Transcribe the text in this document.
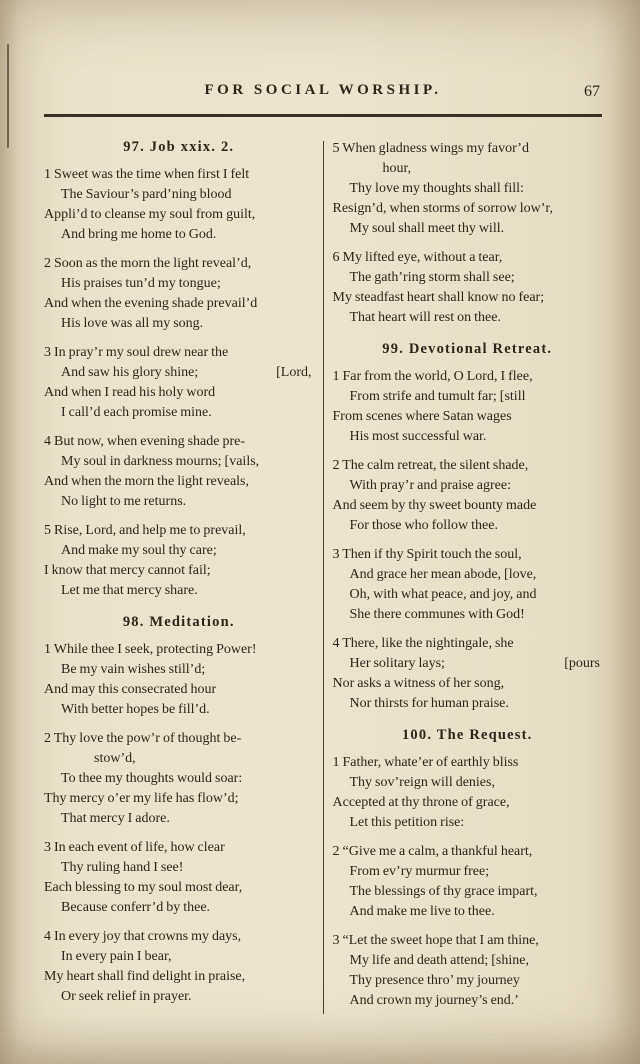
FOR SOCIAL WORSHIP.	67
97. Job xxix. 2.
1 Sweet was the time when first I felt
The Saviour’s pard’ning blood
Appli’d to cleanse my soul from guilt,
And bring me home to God.
2 Soon as the morn the light reveal’d,
His praises tun’d my tongue;
And when the evening shade prevail’d
His love was all my song.
3 In pray’r my soul drew near the
And saw his glory shine;	[Lord,
And when I read his holy word
I call’d each promise mine.
4 But now, when evening shade pre-
My soul in darkness mourns; [vails,
And when the morn the light reveals,
No light to me returns.
5 Rise, Lord, and help me to prevail,
And make my soul thy care;
I know that mercy cannot fail;
Let me that mercy share.
98. Meditation.
1 While thee I seek, protecting Power!
Be my vain wishes still’d;
And may this consecrated hour
With better hopes be fill’d.
2 Thy love the pow’r of thought be-
stow’d,
To thee my thoughts would soar:
Thy mercy o’er my life has flow’d;
That mercy I adore.
3 In each event of life, how clear
Thy ruling hand I see!
Each blessing to my soul most dear,
Because conferr’d by thee.
4 In every joy that crowns my days,
In every pain I bear,
My heart shall find delight in praise,
Or seek relief in prayer.
5 When gladness wings my favor’d
hour,
Thy love my thoughts shall fill:
Resign’d, when storms of sorrow low’r,
My soul shall meet thy will.
6 My lifted eye, without a tear,
The gath’ring storm shall see;
My steadfast heart shall know no fear;
That heart will rest on thee.
99. Devotional Retreat.
1 Far from the world, O Lord, I flee,
From strife and tumult far; [still
From scenes where Satan wages
His most successful war.
2 The calm retreat, the silent shade,
With pray’r and praise agree:
And seem by thy sweet bounty made
For those who follow thee.
3 Then if thy Spirit touch the soul,
And grace her mean abode, [love,
Oh, with what peace, and joy, and
She there communes with God!
4 There, like the nightingale, she
Her solitary lays;	[pours
Nor asks a witness of her song,
Nor thirsts for human praise.
100. The Request.
1 Father, whate’er of earthly bliss
Thy sov’reign will denies,
Accepted at thy throne of grace,
Let this petition rise:
2 “Give me a calm, a thankful heart,
From ev’ry murmur free;
The blessings of thy grace impart,
And make me live to thee.
3 “Let the sweet hope that I am thine,
My life and death attend; [shine,
Thy presence thro’ my journey
And crown my journey’s end.’
